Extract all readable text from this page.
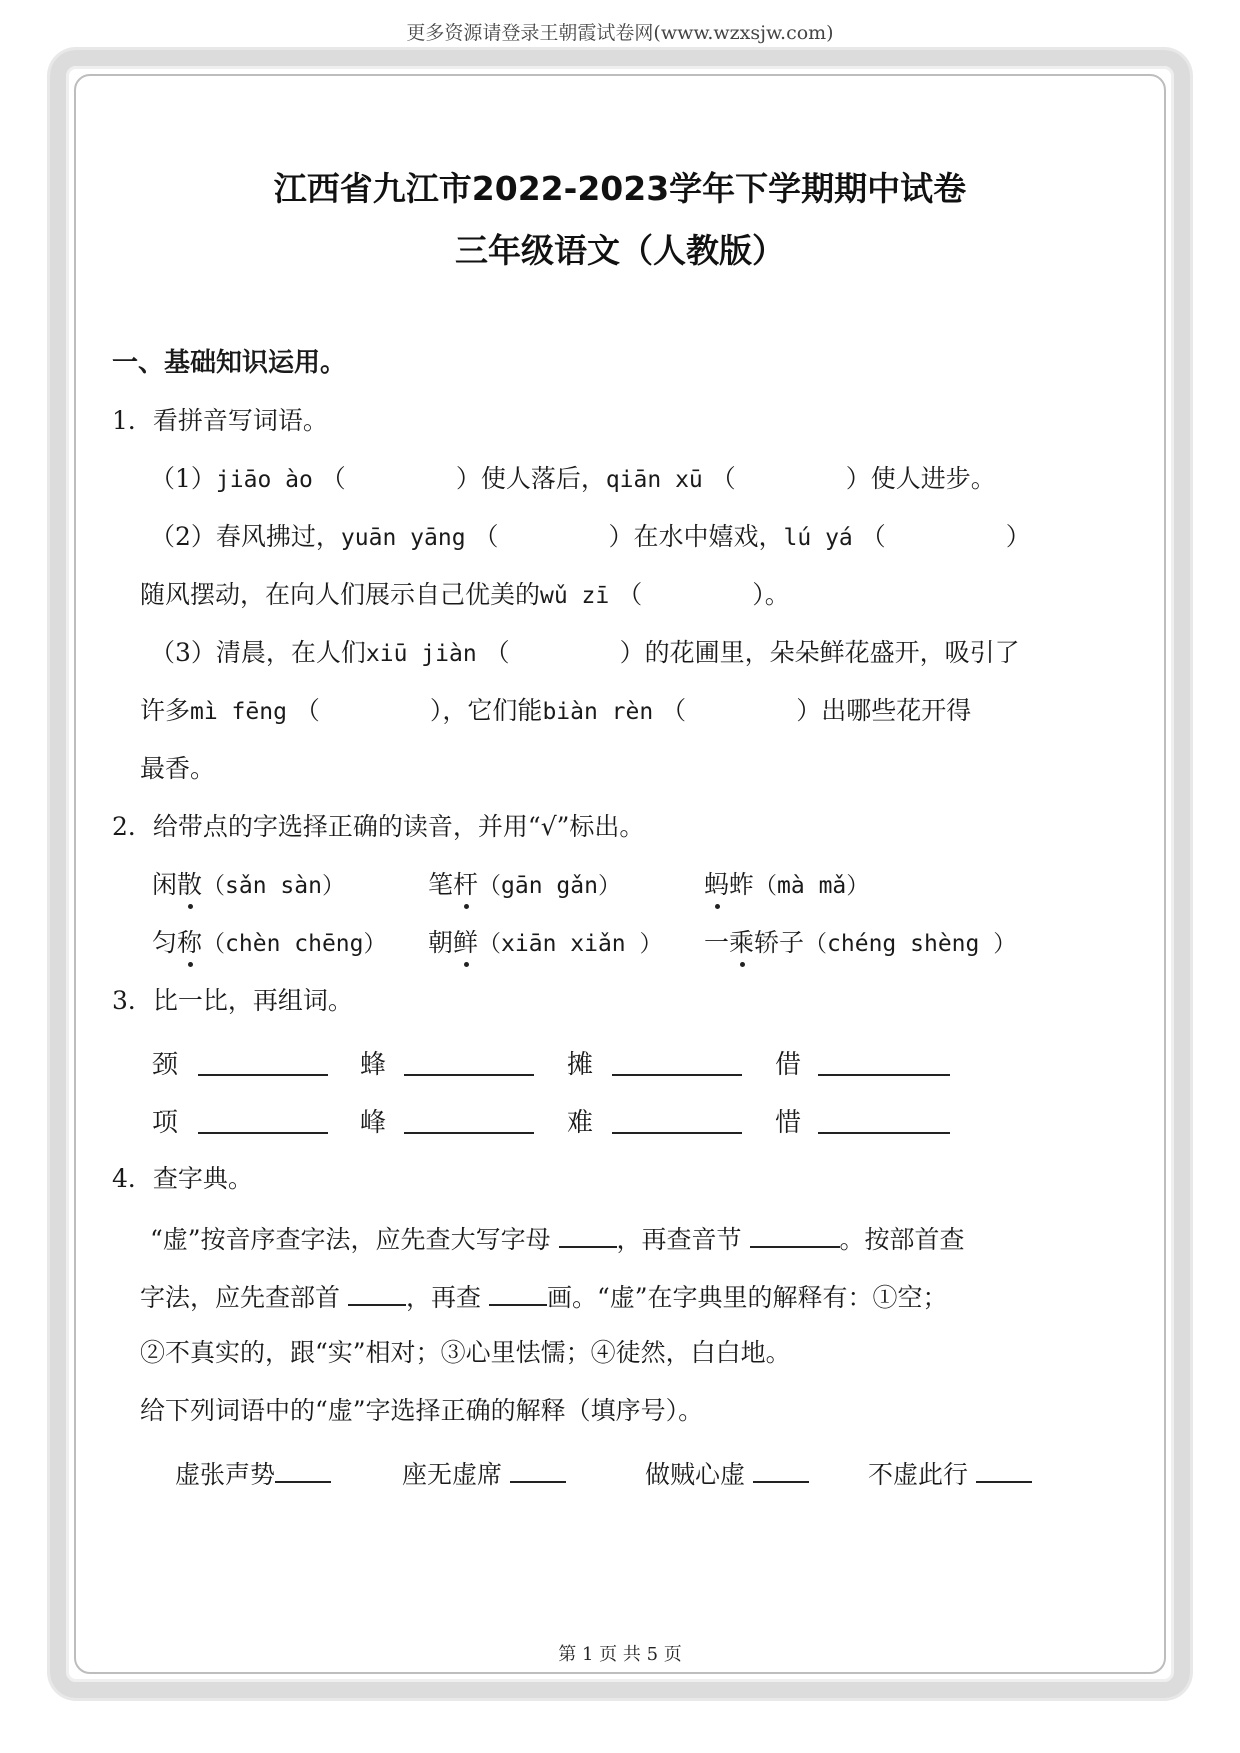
更多资源请登录王朝霞试卷网(www.wzxsjw.com)
江西省九江市2022-2023学年下学期期中试卷
三年级语文（人教版）
一、基础知识运用。
1．看拼音写词语。
（1）jiāo ào （	）使人落后，qiān xū （	）使人进步。
（2）春风拂过，yuān yāng （	）在水中嬉戏，lú yá （	）
随风摆动，在向人们展示自己优美的wǔ zī （	）。
（3）清晨，在人们xiū jiàn （	）的花圃里，朵朵鲜花盛开，吸引了
许多mì fēng （	），它们能biàn rèn （	）出哪些花开得
最香。
2．给带点的字选择正确的读音，并用“√”标出。
闲散（sǎn sàn）	笔杆（gān gǎn）	蚂蚱（mà mǎ）
匀称（chèn chēng） 朝鲜（xiān xiǎn ） 一乘轿子（chéng shèng ）
3．比一比，再组词。
颈	蜂	摊	借
项	峰	难	惜
4．查字典。
“虚”按音序查字法，应先查大写字母	，再查音节	。按部首查
字法，应先查部首	，再查	画。“虚”在字典里的解释有：①空；
②不真实的，跟“实”相对；③心里怯懦；④徒然，白白地。
给下列词语中的“虚”字选择正确的解释（填序号）。
虚张声势	座无虚席	做贼心虚	不虚此行
第 1 页 共 5 页
